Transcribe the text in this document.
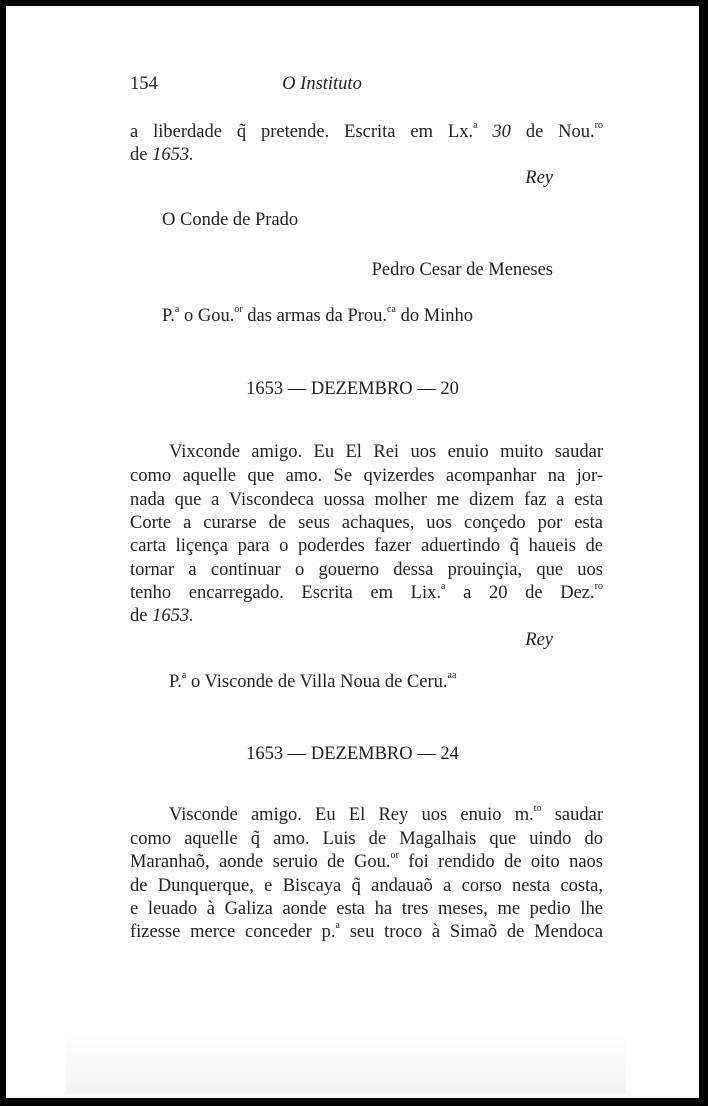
154	O Instituto
a liberdade q̃ pretende. Escrita em Lx.$^a$ 30 de Nou.$^{ro}$
de 1653.
Rey
O Conde de Prado
Pedro Cesar de Meneses
P.$^a$ o Gou.$^{or}$ das armas da Prou.$^{ca}$ do Minho
1653 — DEZEMBRO — 20
Vixconde amigo. Eu El Rei uos enuio muito saudar
como aquelle que amo. Se qvizerdes acompanhar na jor-
nada que a Viscondeca uossa molher me dizem faz a esta
Corte a curarse de seus achaques, uos conçedo por esta
carta liçença para o poderdes fazer aduertindo q̃ haueis de
tornar a continuar o gouerno dessa prouinçia, que uos
tenho encarregado. Escrita em Lix.$^a$ a 20 de Dez.$^{ro}$
de 1653.
Rey
P.$^a$ o Visconde de Villa Noua de Ceru.$^{aa}$
1653 — DEZEMBRO — 24
Visconde amigo. Eu El Rey uos enuio m.$^{to}$ saudar
como aquelle q̃ amo. Luis de Magalhais que uindo do
Maranhaõ, aonde seruio de Gou.$^{or}$ foi rendido de oito naos
de Dunquerque, e Biscaya q̃ andauaõ a corso nesta costa,
e leuado à Galiza aonde esta ha tres meses, me pedio lhe
fizesse merce conceder p.$^a$ seu troco à Simaõ de Mendoca
